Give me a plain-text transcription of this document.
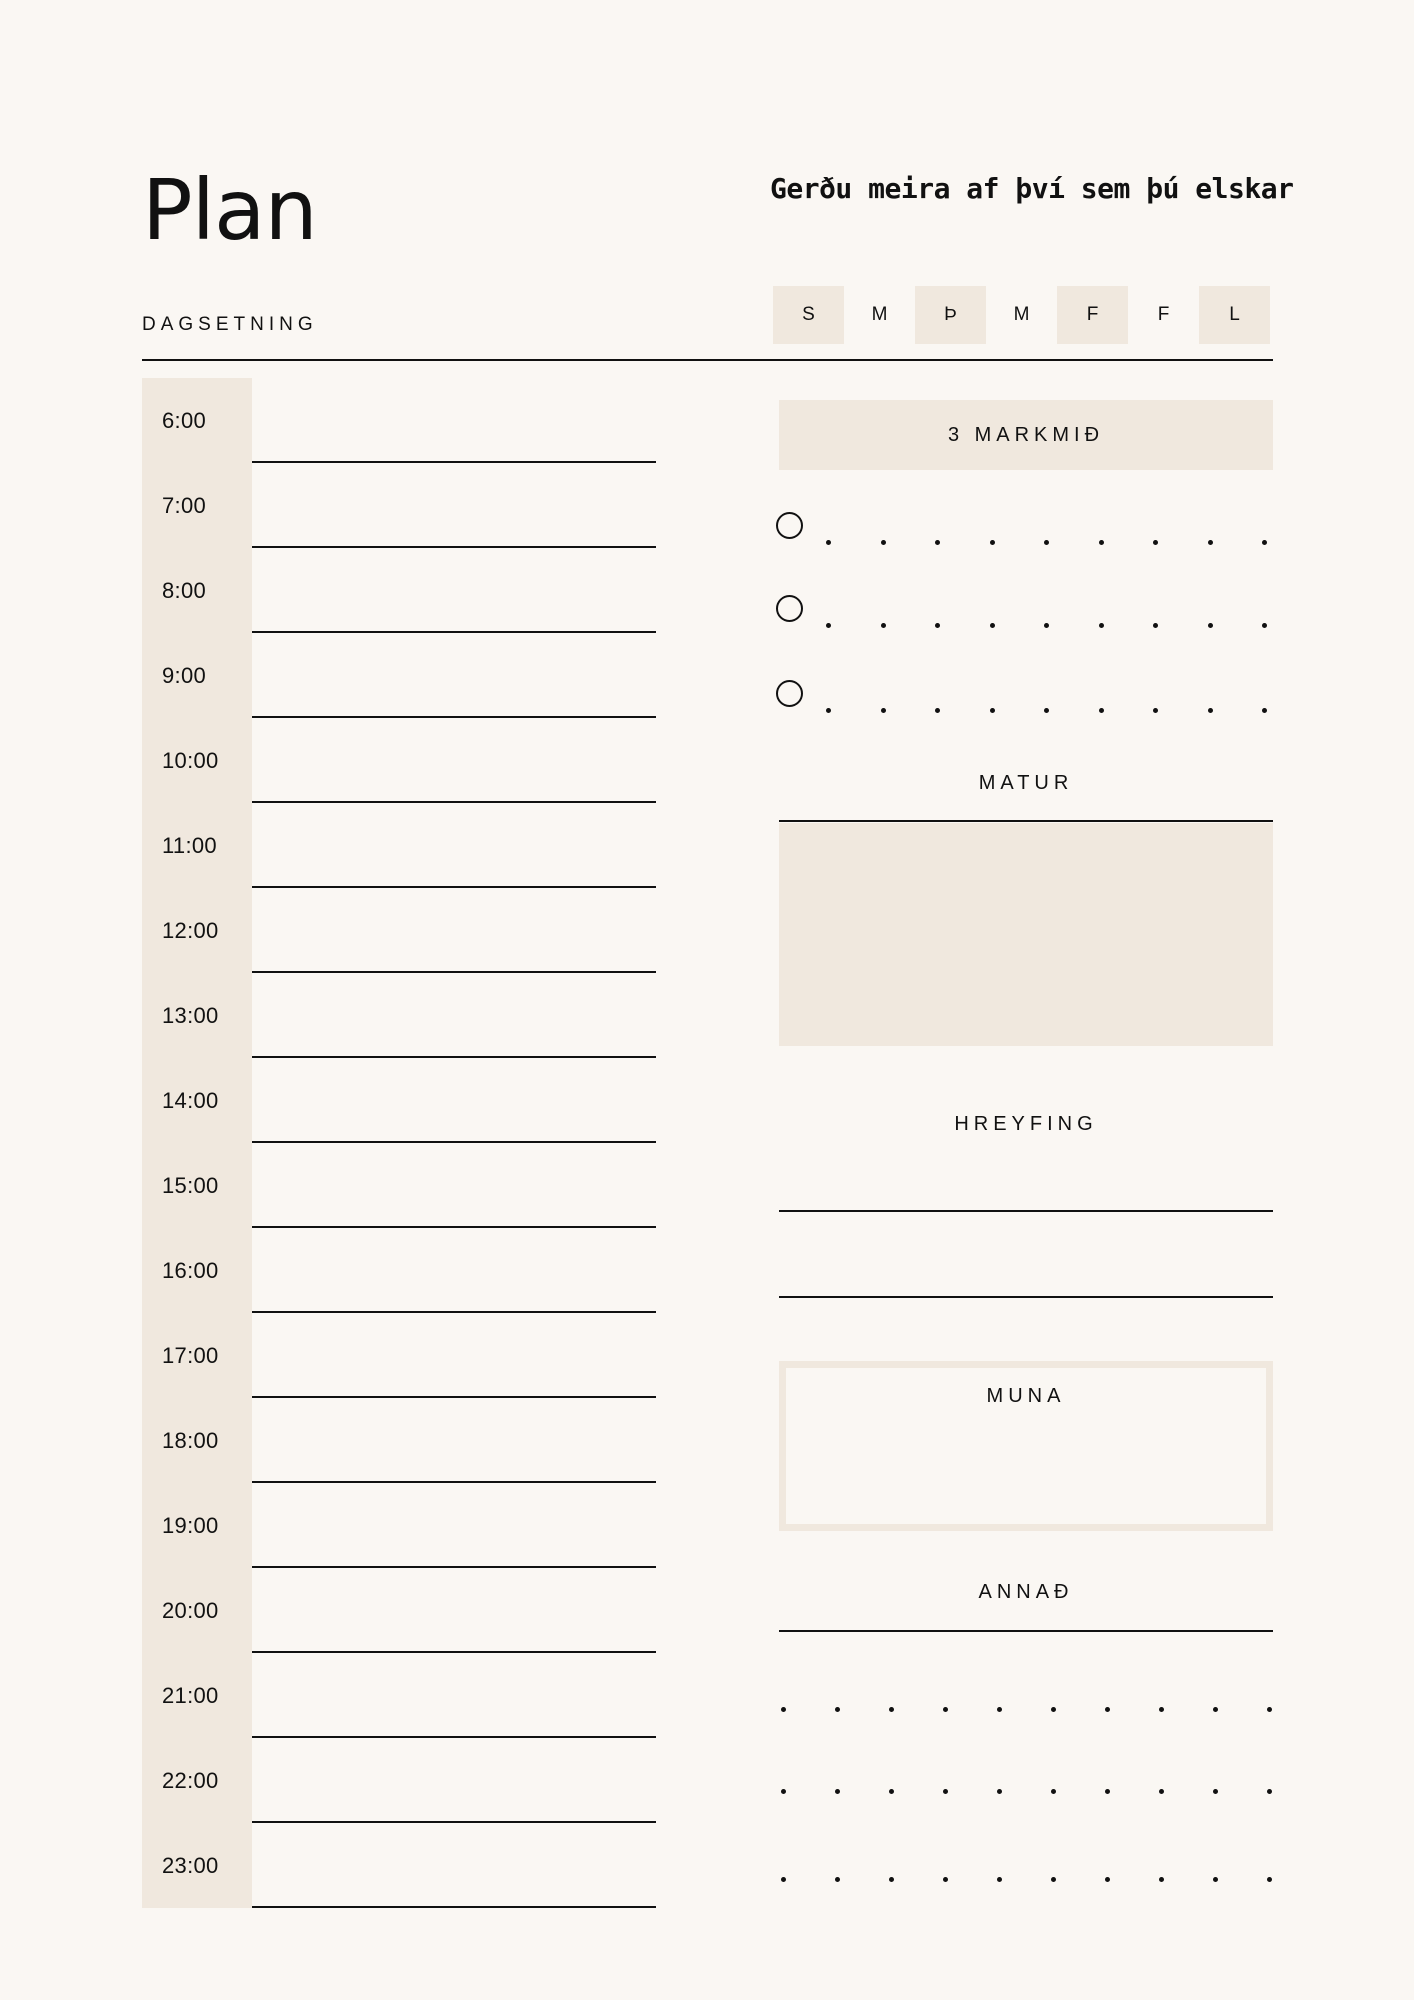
Plan	Gerðu meira af því sem þú elskar
DAGSETNING	S	M	Þ	M	F	F	L
6:00
7:00
8:00
9:00
10:00
11:00
12:00
13:00
14:00
15:00
16:00
17:00
18:00
19:00
20:00
21:00
22:00
23:00
3 MARKMIÐ
MATUR
HREYFING
MUNA
ANNAÐ
